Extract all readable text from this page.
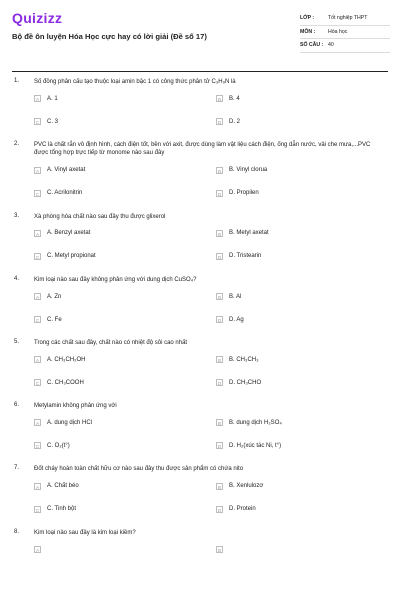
Quizizz
Bộ đề ôn luyện Hóa Học cực hay có lời giải (Đề số 17)
LỚP :	Tốt nghiệp THPT
MÔN :	Hóa học
SỐ CÂU : 40
1.	Số đồng phân cấu tạo thuộc loại amin bậc 1 có công thức phân tử C₃H₉N là
A	A. 1	B	B. 4
C	C. 3	D	D. 2
2.	PVC là chất rắn vô định hình, cách điện tốt, bền với axit, được dùng làm vật liệu cách điện, ống dẫn nước, vải che mưa,...PVC được tổng hợp trực tiếp từ monome nào sau đây
A	A. Vinyl axetat	B	B. Vinyl clorua
C	C. Acrilonitrin	D	D. Propilen
3.	Xà phòng hóa chất nào sau đây thu được glixerol
A	A. Benzyl axetat	B	B. Metyl axetat
C	C. Metyl propionat	D	D. Tristearin
4.	Kim loại nào sau đây không phản ứng với dung dịch CuSO₄?
A	A. Zn	B	B. Al
C	C. Fe	D	D. Ag
5.	Trong các chất sau đây, chất nào có nhiệt độ sôi cao nhất
A	A. CH₃CH₂OH	B	B. CH₃CH₃
C	C. CH₃COOH	D	D. CH₃CHO
6.	Metylamin không phản ứng với
A	A. dung dịch HCl	B	B. dung dịch H₂SO₄
C	C. O₂(t°)	D	D. H₂(xúc tác Ni, t°)
7.	Đốt cháy hoàn toàn chất hữu cơ nào sau đây thu được sản phẩm có chứa nito
A	A. Chất béo	B	B. Xenlulozơ
C	C. Tinh bột	D	D. Protein
8.	Kim loại nào sau đây là kim loại kiềm?
A	B
